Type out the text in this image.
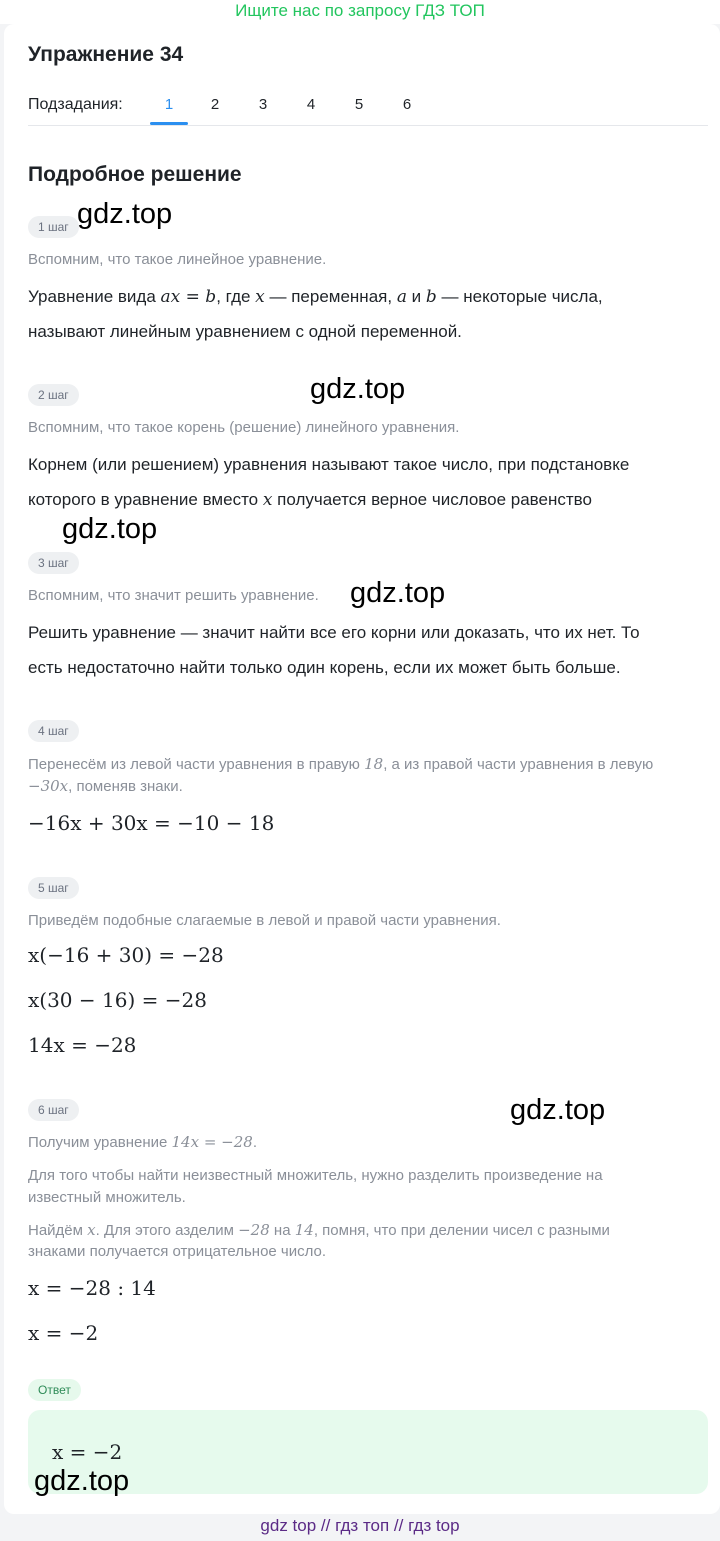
Ищите нас по запросу ГДЗ ТОП
Упражнение 34
Подзадания:	1	2	3	4	5	6
Подробное решение
1 шаг
Вспомним, что такое линейное уравнение.
Уравнение вида ax = b, где x — переменная, a и b — некоторые числа,
называют линейным уравнением с одной переменной.
2 шаг
Вспомним, что такое корень (решение) линейного уравнения.
Корнем (или решением) уравнения называют такое число, при подстановке
которого в уравнение вместо x получается верное числовое равенство
3 шаг
Вспомним, что значит решить уравнение.
Решить уравнение — значит найти все его корни или доказать, что их нет. То
есть недостаточно найти только один корень, если их может быть больше.
4 шаг
Перенесём из левой части уравнения в правую 18, а из правой части уравнения в левую
−30x, поменяв знаки.
−16x + 30x = −10 − 18
5 шаг
Приведём подобные слагаемые в левой и правой части уравнения.
x(−16 + 30) = −28
x(30 − 16) = −28
14x = −28
6 шаг
Получим уравнение 14x = −28.
Для того чтобы найти неизвестный множитель, нужно разделить произведение на известный множитель.
Найдём x. Для этого азделим −28 на 14, помня, что при делении чисел с разными
знаками получается отрицательное число.
x = −28 : 14
x = −2
Ответ
x = −2
gdz.top
gdz.top
gdz.top
gdz.top
gdz.top
gdz.top
gdz top // гдз топ // гдз top
